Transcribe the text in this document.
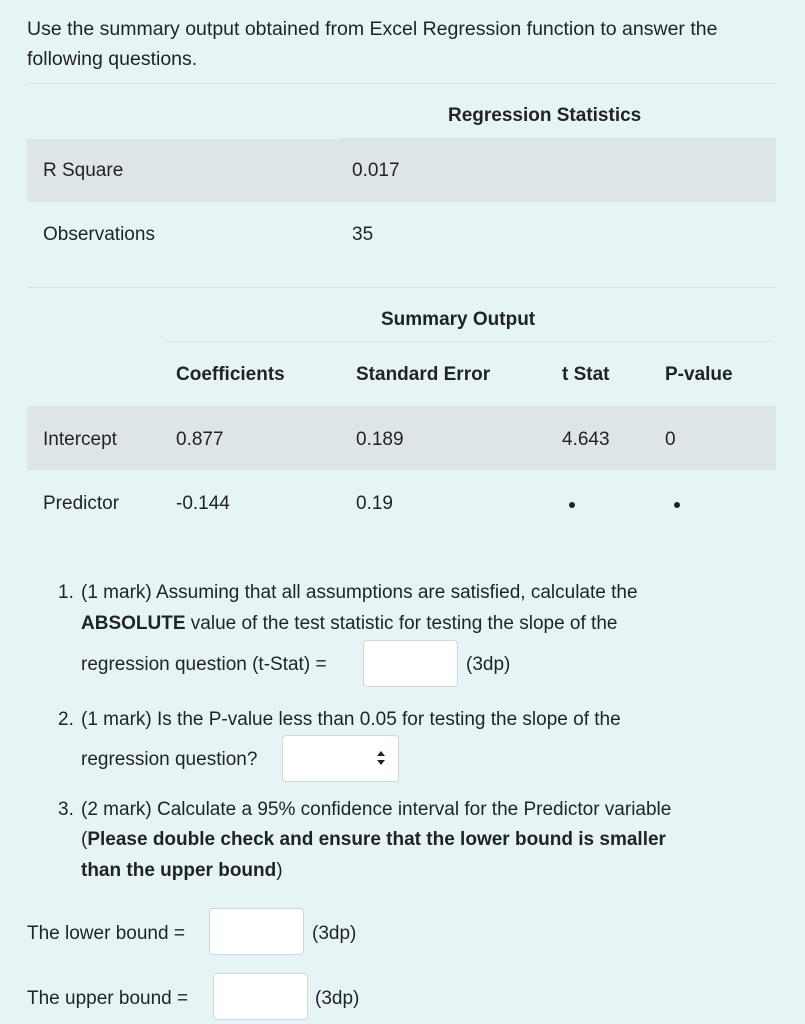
Use the summary output obtained from Excel Regression function to answer the following questions.
Regression Statistics
R Square	0.017
Observations	35
Summary Output
Coefficients	Standard Error	t Stat	P-value
Intercept	0.877	0.189	4.643	0
Predictor	-0.144	0.19
1. (1 mark) Assuming that all assumptions are satisfied, calculate the
ABSOLUTE value of the test statistic for testing the slope of the
regression question (t-Stat) =	(3dp)
2. (1 mark) Is the P-value less than 0.05 for testing the slope of the
regression question?
3. (2 mark) Calculate a 95% confidence interval for the Predictor variable
(Please double check and ensure that the lower bound is smaller
than the upper bound)
The lower bound =	(3dp)
The upper bound =	(3dp)
